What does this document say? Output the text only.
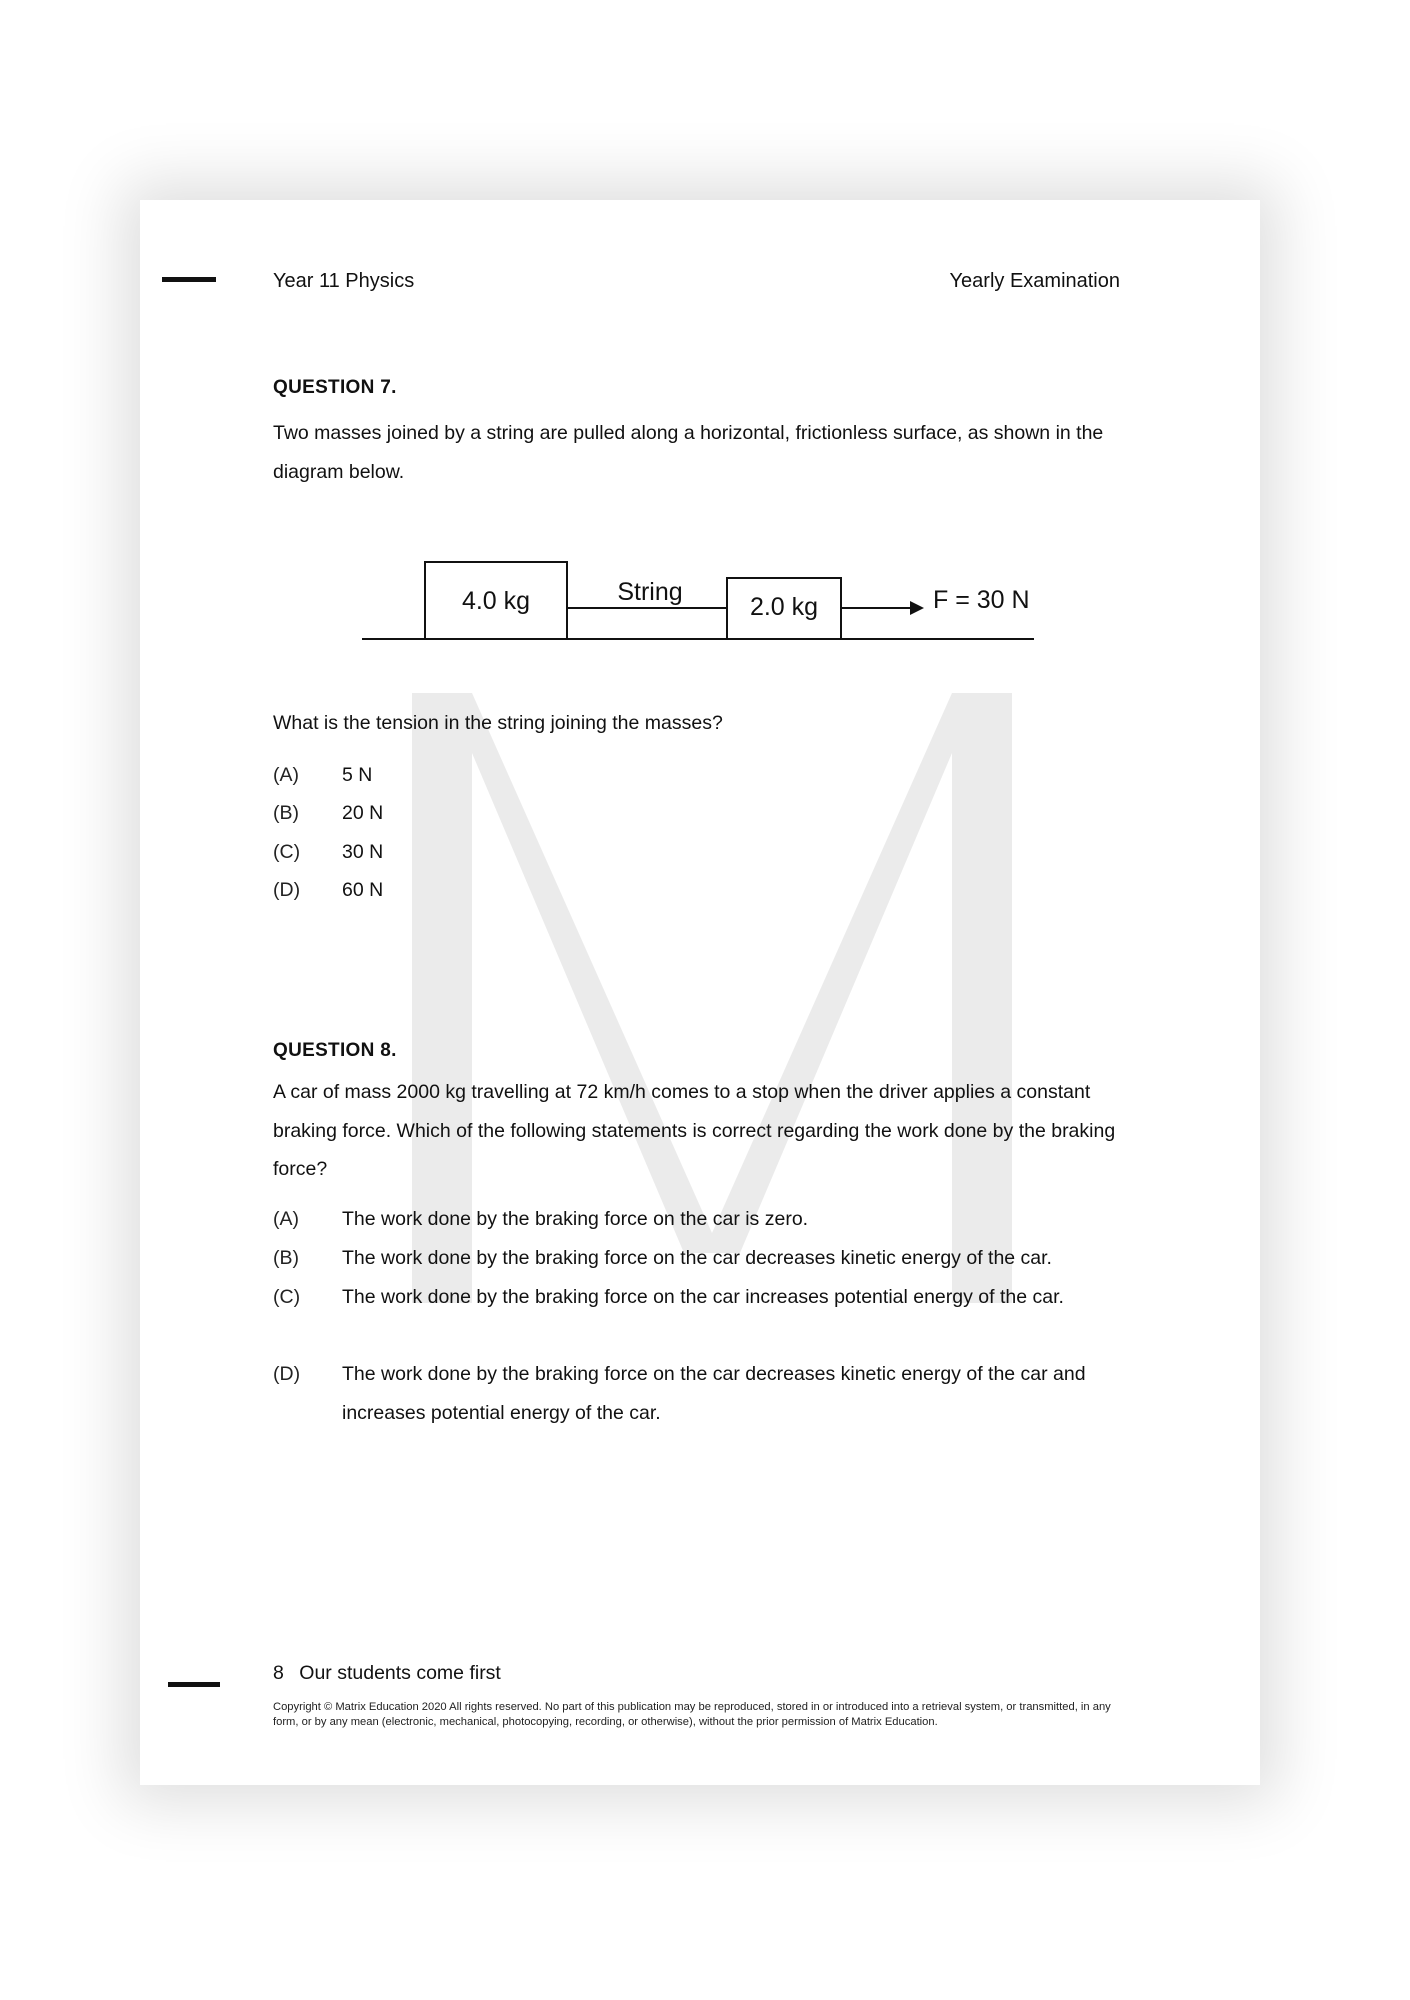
Year 11 Physics	Yearly Examination
QUESTION 7.
Two masses joined by a string are pulled along a horizontal, frictionless surface, as shown in the diagram below.
4.0 kg	String
2.0 kg	F = 30 N
What is the tension in the string joining the masses?
(A) 5 N
(B) 20 N
(C) 30 N
(D) 60 N
QUESTION 8.
A car of mass 2000 kg travelling at 72 km/h comes to a stop when the driver applies a constant braking force. Which of the following statements is correct regarding the work done by the braking force?
(A) The work done by the braking force on the car is zero.
(B) The work done by the braking force on the car decreases kinetic energy of the car.
(C) The work done by the braking force on the car increases potential energy of the car.
(D) The work done by the braking force on the car decreases kinetic energy of the car and increases potential energy of the car.
8 Our students come first
Copyright © Matrix Education 2020 All rights reserved. No part of this publication may be reproduced, stored in or introduced into a retrieval system, or transmitted, in any form, or by any mean (electronic, mechanical, photocopying, recording, or otherwise), without the prior permission of Matrix Education.
